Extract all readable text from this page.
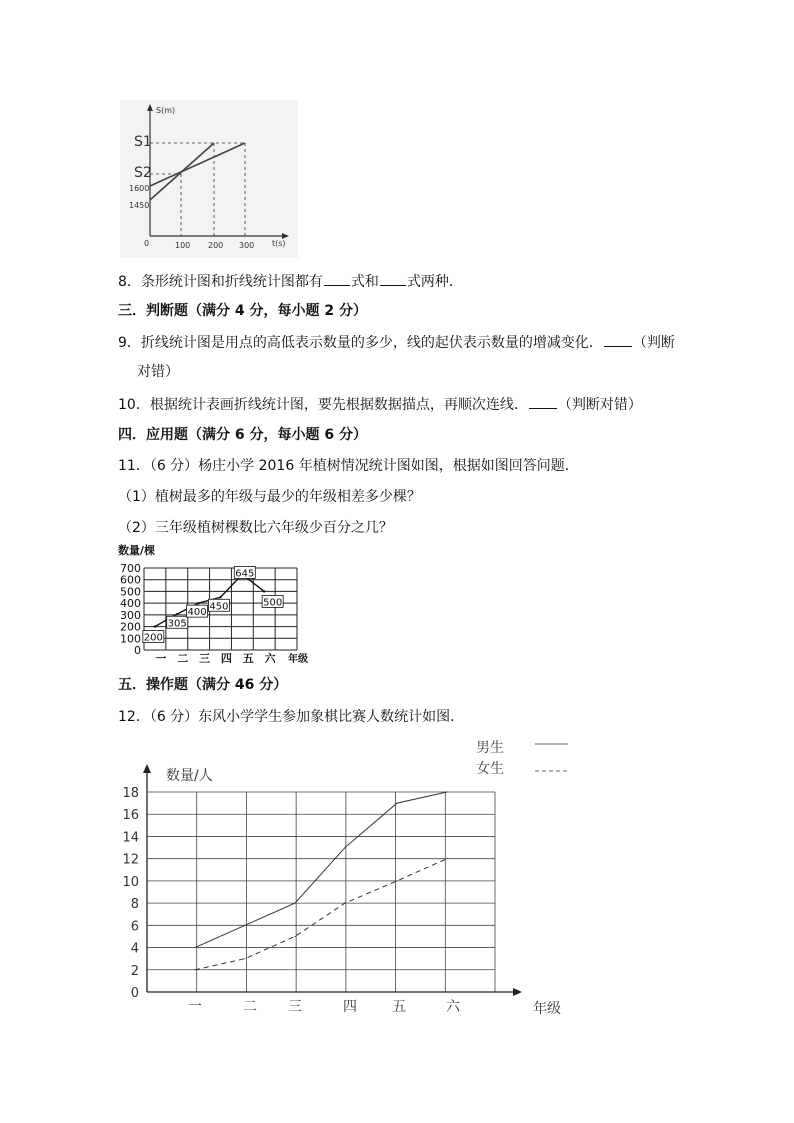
S(m)
t(s)
S1
S2
1600
1450
0	100 200 300
8．条形统计图和折线统计图都有 式和 式两种．
三．判断题（满分 4 分，每小题 2 分）
9．折线统计图是用点的高低表示数量的多少，线的起伏表示数量的增减变化． （判断
对错）
10．根据统计表画折线统计图，要先根据数据描点，再顺次连线． （判断对错）
四．应用题（满分 6 分，每小题 6 分）
11．（6 分）杨庄小学 2016 年植树情况统计图如图，根据如图回答问题．
（1）植树最多的年级与最少的年级相差多少棵？
（2）三年级植树棵数比六年级少百分之几？
数量/棵
年级
0
100
200
300
400
500
600
700
一 二 三 四 五 六
200
305
400
450
645
500
五．操作题（满分 46 分）
12．（6 分）东风小学学生参加象棋比赛人数统计如图．
数量/人
年级
男生
女生
0
2
4
6
8
10
12
14
16
18
一	二 三	四	五	六
